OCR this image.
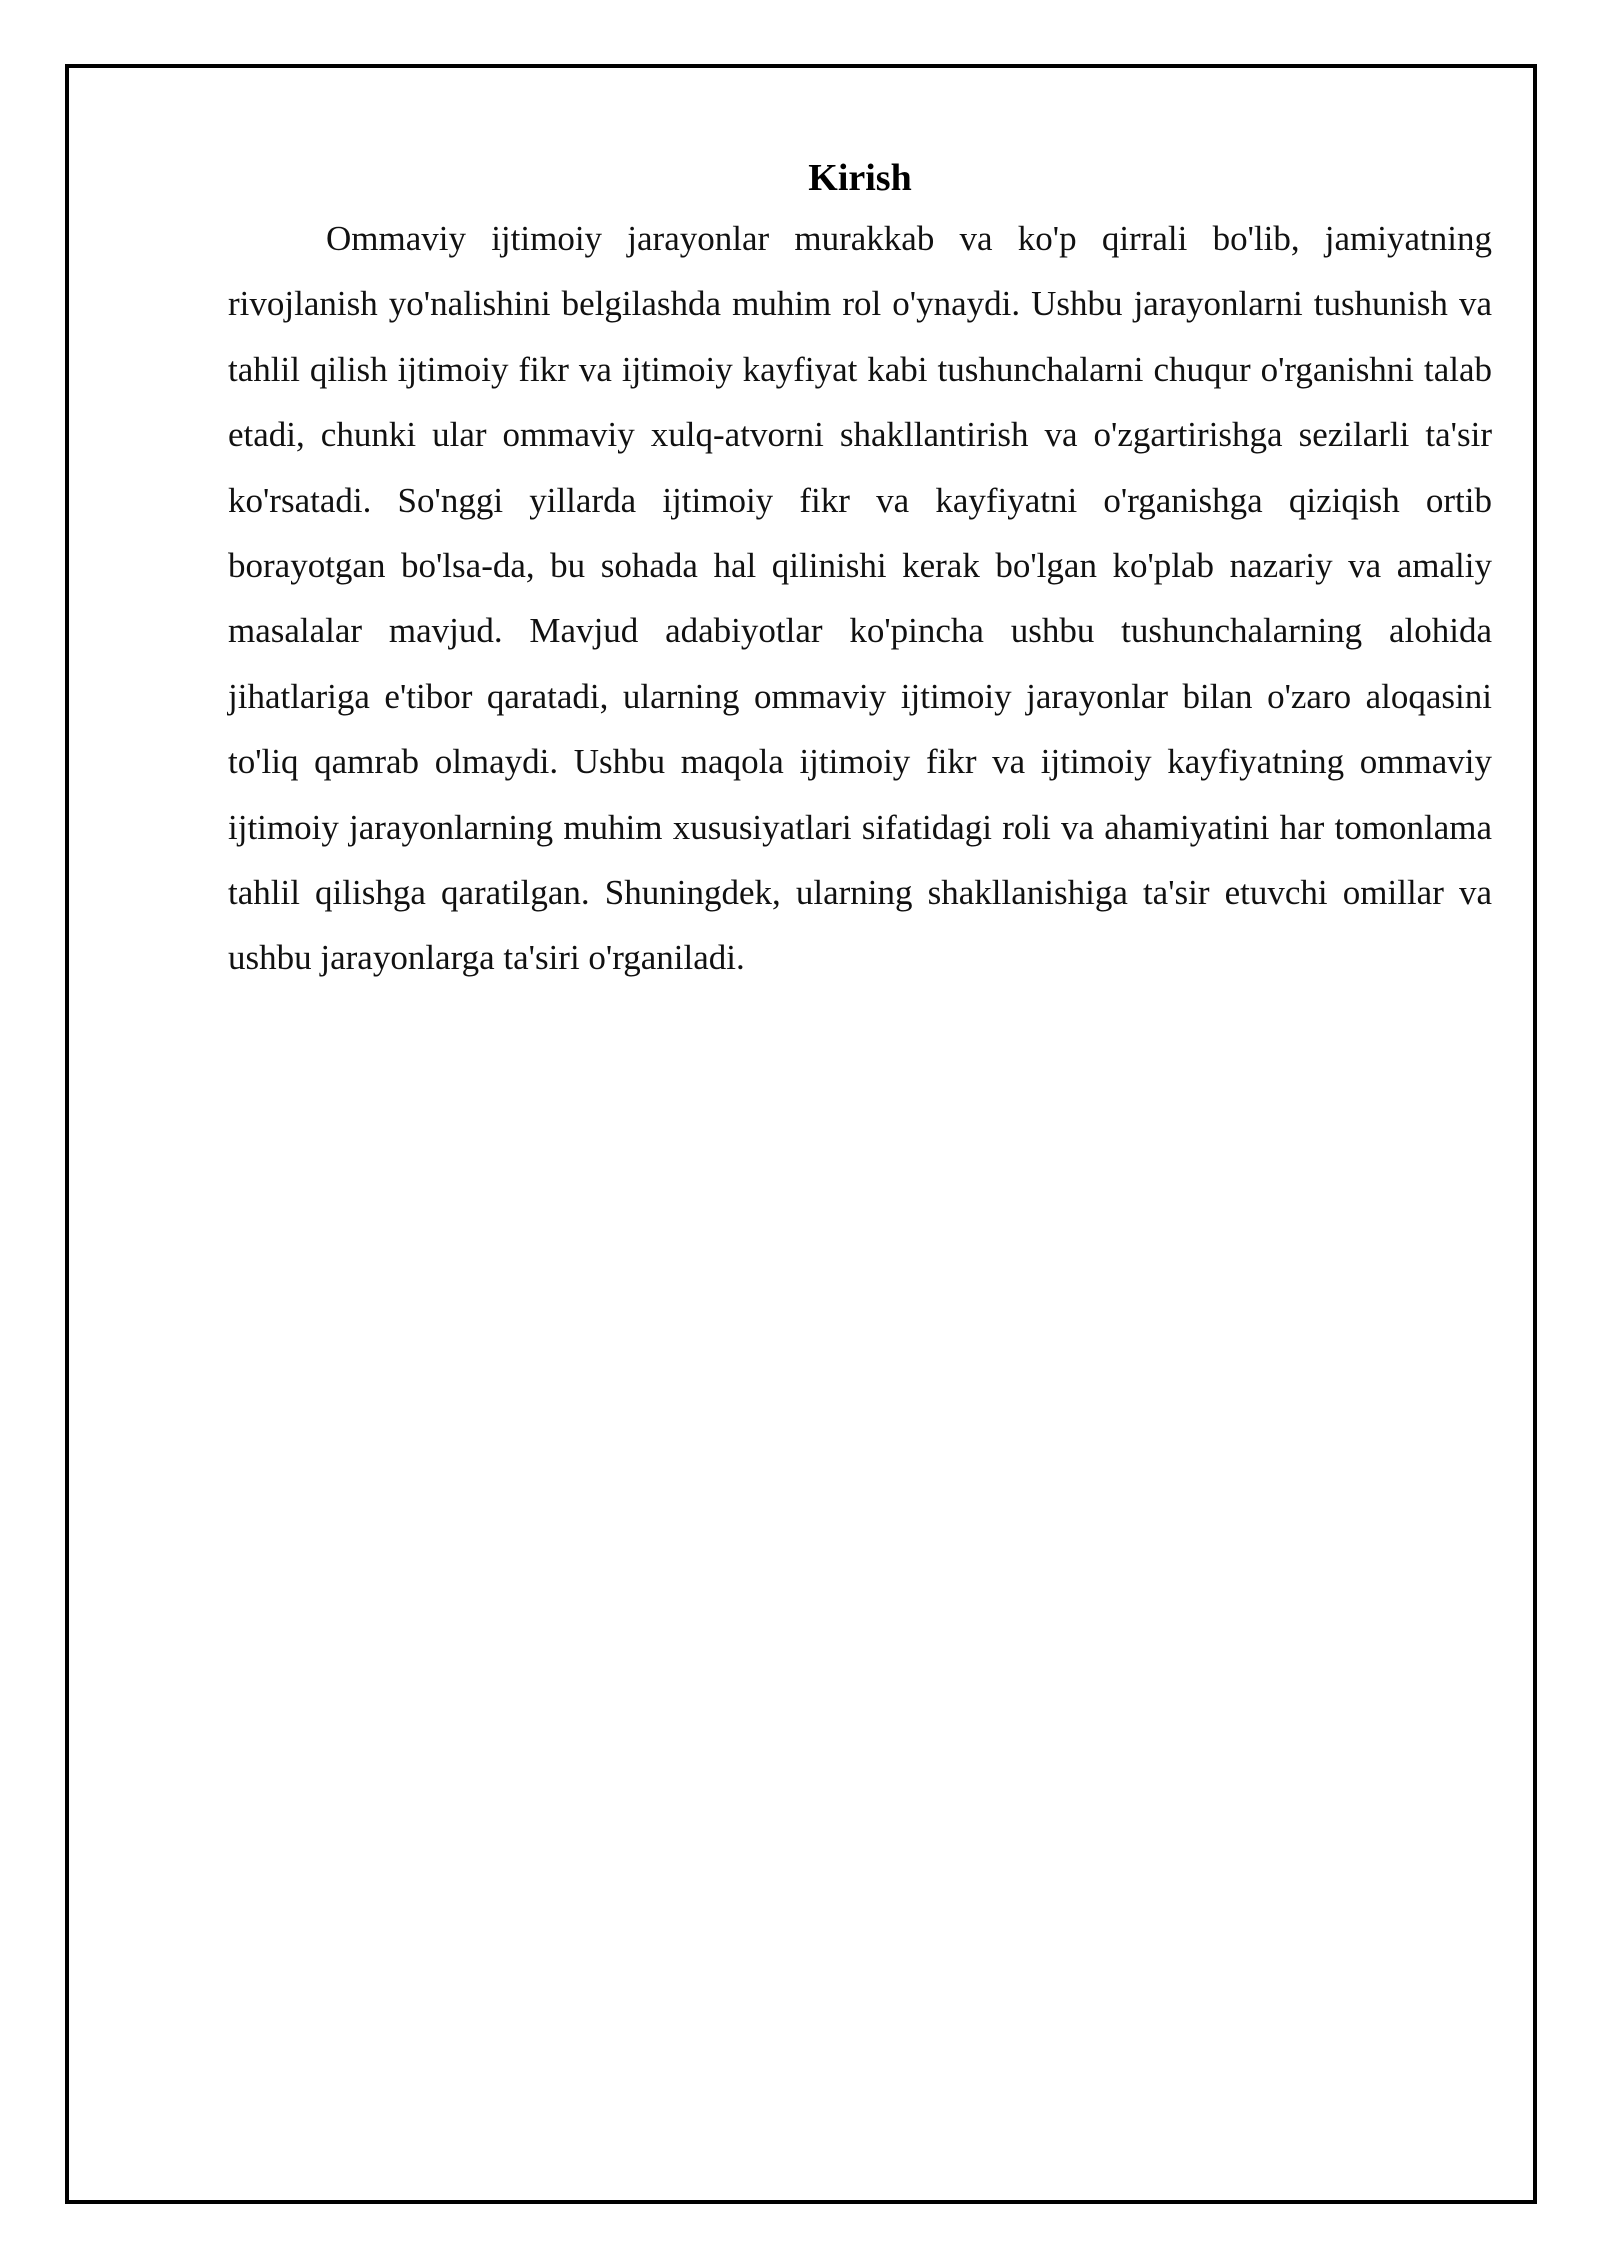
Kirish

Ommaviy ijtimoiy jarayonlar murakkab va ko'p qirrali bo'lib, jamiyatning rivojlanish yo'nalishini belgilashda muhim rol o'ynaydi. Ushbu jarayonlarni tushunish va tahlil qilish ijtimoiy fikr va ijtimoiy kayfiyat kabi tushunchalarni chuqur o'rganishni talab etadi, chunki ular ommaviy xulq-atvorni shakllantirish va o'zgartirishga sezilarli ta'sir ko'rsatadi. So'nggi yillarda ijtimoiy fikr va kayfiyatni o'rganishga qiziqish ortib borayotgan bo'lsa-da, bu sohada hal qilinishi kerak bo'lgan ko'plab nazariy va amaliy masalalar mavjud. Mavjud adabiyotlar ko'pincha ushbu tushunchalarning alohida jihatlariga e'tibor qaratadi, ularning ommaviy ijtimoiy jarayonlar bilan o'zaro aloqasini to'liq qamrab olmaydi. Ushbu maqola ijtimoiy fikr va ijtimoiy kayfiyatning ommaviy ijtimoiy jarayonlarning muhim xususiyatlari sifatidagi roli va ahamiyatini har tomonlama tahlil qilishga qaratilgan. Shuningdek, ularning shakllanishiga ta'sir etuvchi omillar va ushbu jarayonlarga ta'siri o'rganiladi.
